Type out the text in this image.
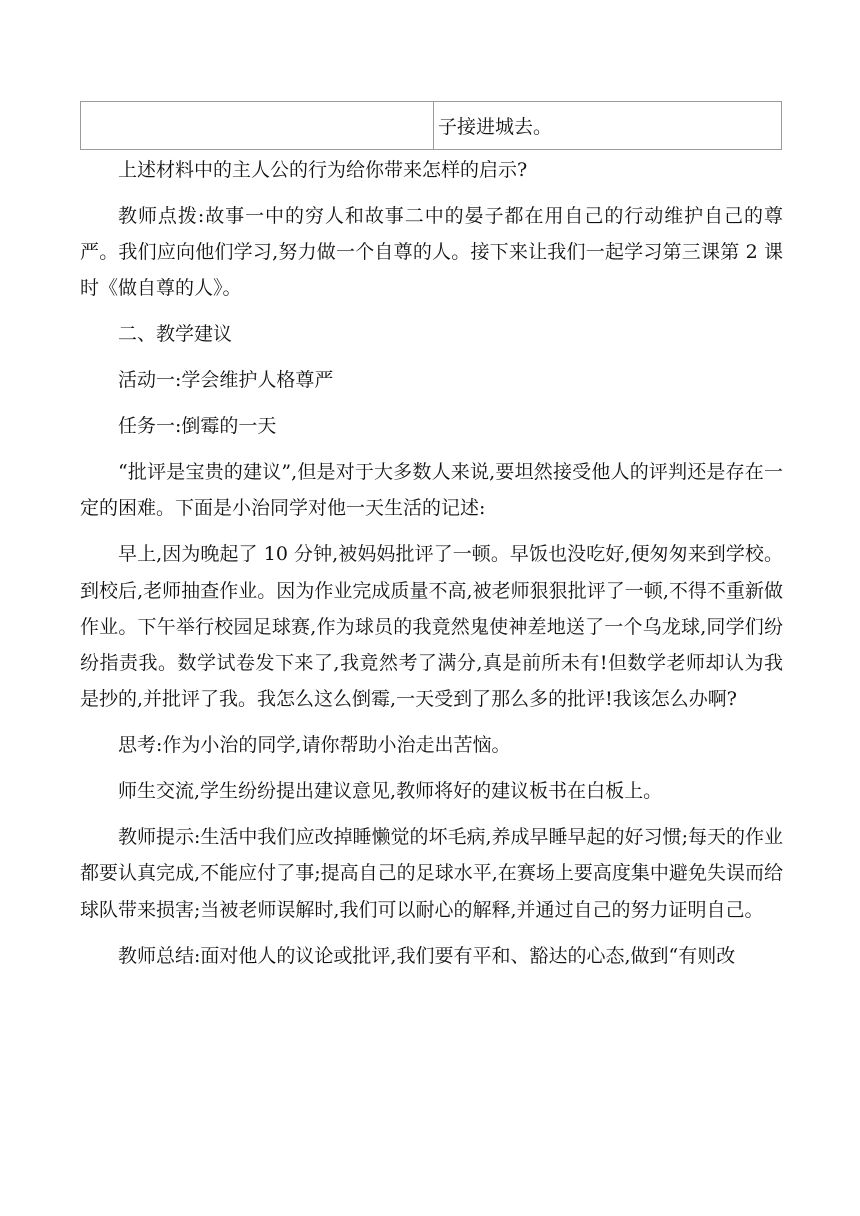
	子接进城去。

上述材料中的主人公的行为给你带来怎样的启示?

教师点拨:故事一中的穷人和故事二中的晏子都在用自己的行动维护自己的尊严。我们应向他们学习,努力做一个自尊的人。接下来让我们一起学习第三课第 2 课时《做自尊的人》。

二、教学建议

活动一:学会维护人格尊严

任务一:倒霉的一天

“批评是宝贵的建议”,但是对于大多数人来说,要坦然接受他人的评判还是存在一定的困难。下面是小治同学对他一天生活的记述:

早上,因为晚起了 10 分钟,被妈妈批评了一顿。早饭也没吃好,便匆匆来到学校。到校后,老师抽查作业。因为作业完成质量不高,被老师狠狠批评了一顿,不得不重新做作业。下午举行校园足球赛,作为球员的我竟然鬼使神差地送了一个乌龙球,同学们纷纷指责我。数学试卷发下来了,我竟然考了满分,真是前所未有!但数学老师却认为我是抄的,并批评了我。我怎么这么倒霉,一天受到了那么多的批评!我该怎么办啊?

思考:作为小治的同学,请你帮助小治走出苦恼。

师生交流,学生纷纷提出建议意见,教师将好的建议板书在白板上。

教师提示:生活中我们应改掉睡懒觉的坏毛病,养成早睡早起的好习惯;每天的作业都要认真完成,不能应付了事;提高自己的足球水平,在赛场上要高度集中避免失误而给球队带来损害;当被老师误解时,我们可以耐心的解释,并通过自己的努力证明自己。

教师总结:面对他人的议论或批评,我们要有平和、豁达的心态,做到“有则改
